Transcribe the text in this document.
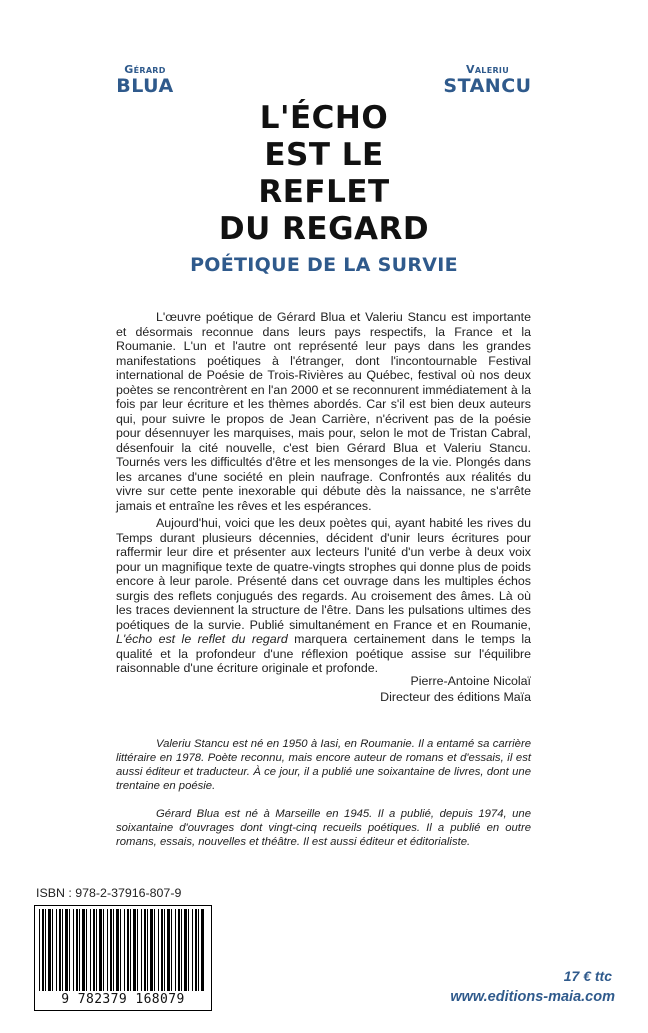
Gérard
BLUA
Valeriu
STANCU
L'ÉCHO
EST LE
REFLET
DU REGARD
POÉTIQUE DE LA SURVIE

L'œuvre poétique de Gérard Blua et Valeriu Stancu est importante et désormais reconnue dans leurs pays respectifs, la France et la Roumanie. L'un et l'autre ont représenté leur pays dans les grandes manifestations poétiques à l'étranger, dont l'incontournable Festival international de Poésie de Trois-Rivières au Québec, festival où nos deux poètes se rencontrèrent en l'an 2000 et se reconnurent immédiatement à la fois par leur écriture et les thèmes abordés. Car s'il est bien deux auteurs qui, pour suivre le propos de Jean Carrière, n'écrivent pas de la poésie pour désennuyer les marquises, mais pour, selon le mot de Tristan Cabral, désenfouir la cité nouvelle, c'est bien Gérard Blua et Valeriu Stancu. Tournés vers les difficultés d'être et les mensonges de la vie. Plongés dans les arcanes d'une société en plein naufrage. Confrontés aux réalités du vivre sur cette pente inexorable qui débute dès la naissance, ne s'arrête jamais et entraîne les rêves et les espérances.

Aujourd'hui, voici que les deux poètes qui, ayant habité les rives du Temps durant plusieurs décennies, décident d'unir leurs écritures pour raffermir leur dire et présenter aux lecteurs l'unité d'un verbe à deux voix pour un magnifique texte de quatre-vingts strophes qui donne plus de poids encore à leur parole. Présenté dans cet ouvrage dans les multiples échos surgis des reflets conjugués des regards. Au croisement des âmes. Là où les traces deviennent la structure de l'être. Dans les pulsations ultimes des poétiques de la survie. Publié simultanément en France et en Roumanie, L'écho est le reflet du regard marquera certainement dans le temps la qualité et la profondeur d'une réflexion poétique assise sur l'équilibre raisonnable d'une écriture originale et profonde.

Pierre-Antoine Nicolaï
Directeur des éditions Maïa

Valeriu Stancu est né en 1950 à Iasi, en Roumanie. Il a entamé sa carrière littéraire en 1978. Poète reconnu, mais encore auteur de romans et d'essais, il est aussi éditeur et traducteur. À ce jour, il a publié une soixantaine de livres, dont une trentaine en poésie.

Gérard Blua est né à Marseille en 1945. Il a publié, depuis 1974, une soixantaine d'ouvrages dont vingt-cinq recueils poétiques. Il a publié en outre romans, essais, nouvelles et théâtre. Il est aussi éditeur et éditorialiste.

ISBN : 978-2-37916-807-9
9 782379 168079
17 € ttc
www.editions-maia.com
